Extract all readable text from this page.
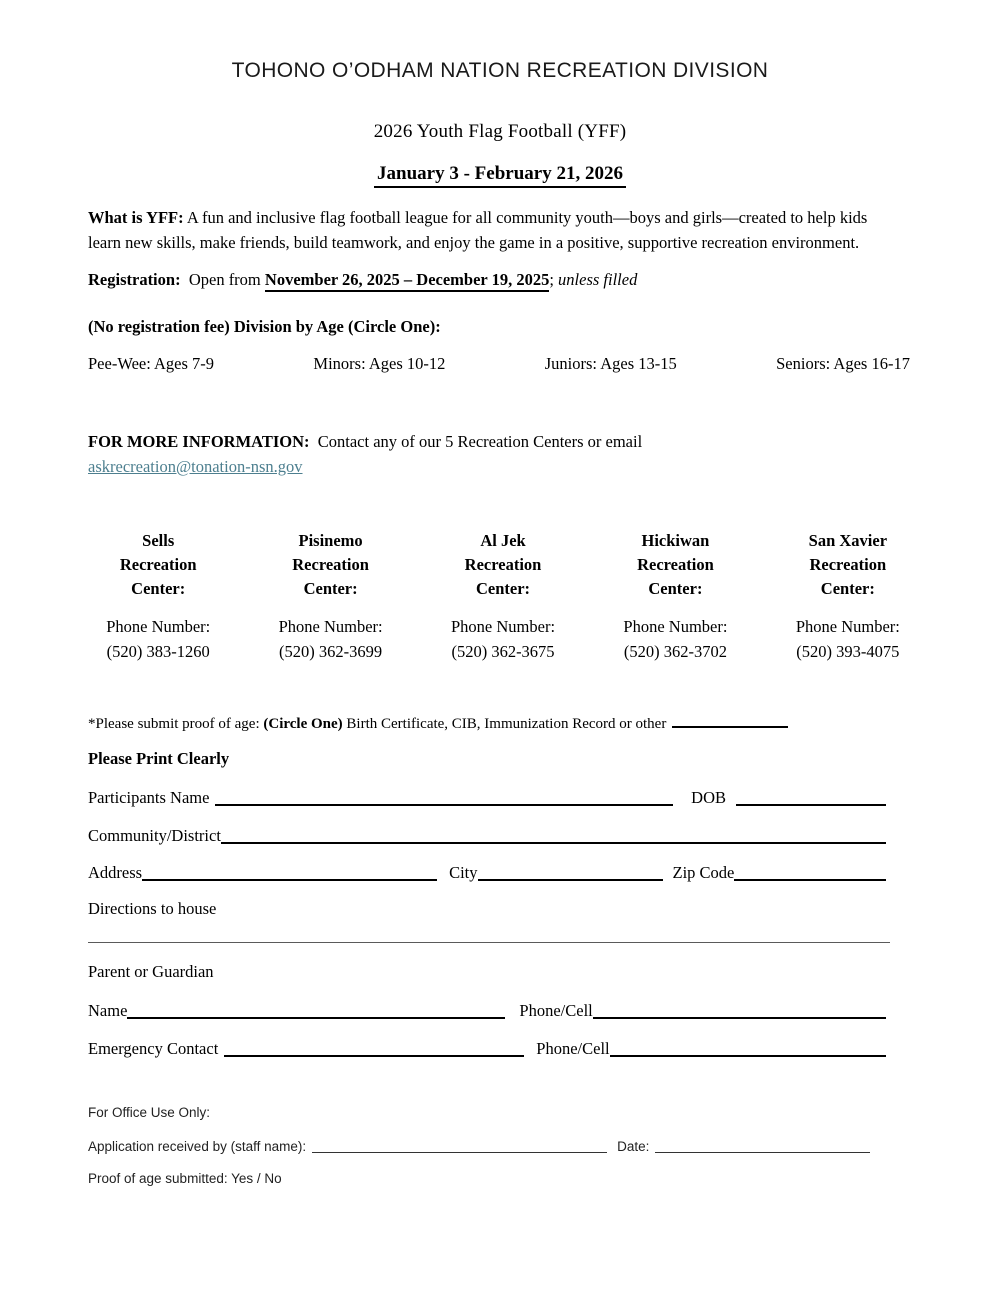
TOHONO O’ODHAM NATION RECREATION DIVISION
2026 Youth Flag Football (YFF)
January 3 - February 21, 2026

What is YFF: A fun and inclusive flag football league for all community youth—boys and girls—created to help kids learn new skills, make friends, build teamwork, and enjoy the game in a positive, supportive recreation environment.

Registration: Open from November 26, 2025 – December 19, 2025; unless filled

(No registration fee) Division by Age (Circle One):

Pee-Wee: Ages 7-9	Minors: Ages 10-12	Juniors: Ages 13-15	Seniors: Ages 16-17

FOR MORE INFORMATION: Contact any of our 5 Recreation Centers or email
askrecreation@tonation-nsn.gov

Sells Recreation Center:
Phone Number:
(520) 383-1260
Pisinemo Recreation Center:
Phone Number:
(520) 362-3699
Al Jek Recreation Center:
Phone Number:
(520) 362-3675
Hickiwan Recreation Center:
Phone Number:
(520) 362-3702
San Xavier Recreation Center:
Phone Number:
(520) 393-4075

*Please submit proof of age: (Circle One) Birth Certificate, CIB, Immunization Record or other

Please Print Clearly

Participants Name	DOB
Community/District
Address	City	Zip Code

Directions to house

Parent or Guardian

Name	Phone/Cell
Emergency Contact	Phone/Cell

For Office Use Only:

Application received by (staff name):	Date:

Proof of age submitted: Yes / No
